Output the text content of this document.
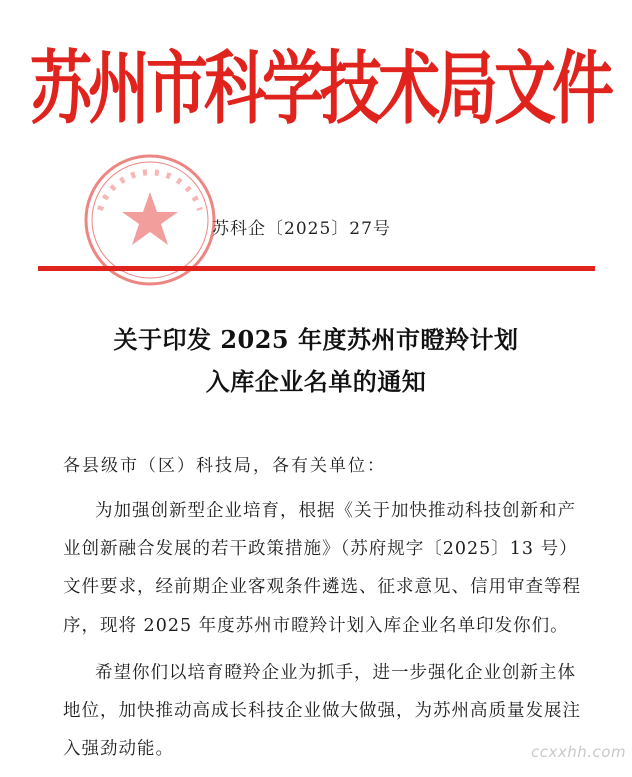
苏州市科学技术局文件
苏科企〔2025〕27号
关于印发 2025 年度苏州市瞪羚计划
入库企业名单的通知

各县级市（区）科技局，各有关单位：

为加强创新型企业培育，根据《关于加快推动科技创新和产

业创新融合发展的若干政策措施》（苏府规字〔2025〕13 号）

文件要求，经前期企业客观条件遴选、征求意见、信用审查等程

序，现将 2025 年度苏州市瞪羚计划入库企业名单印发你们。

希望你们以培育瞪羚企业为抓手，进一步强化企业创新主体

地位，加快推动高成长科技企业做大做强，为苏州高质量发展注

入强劲动能。	ccxxhh.com
